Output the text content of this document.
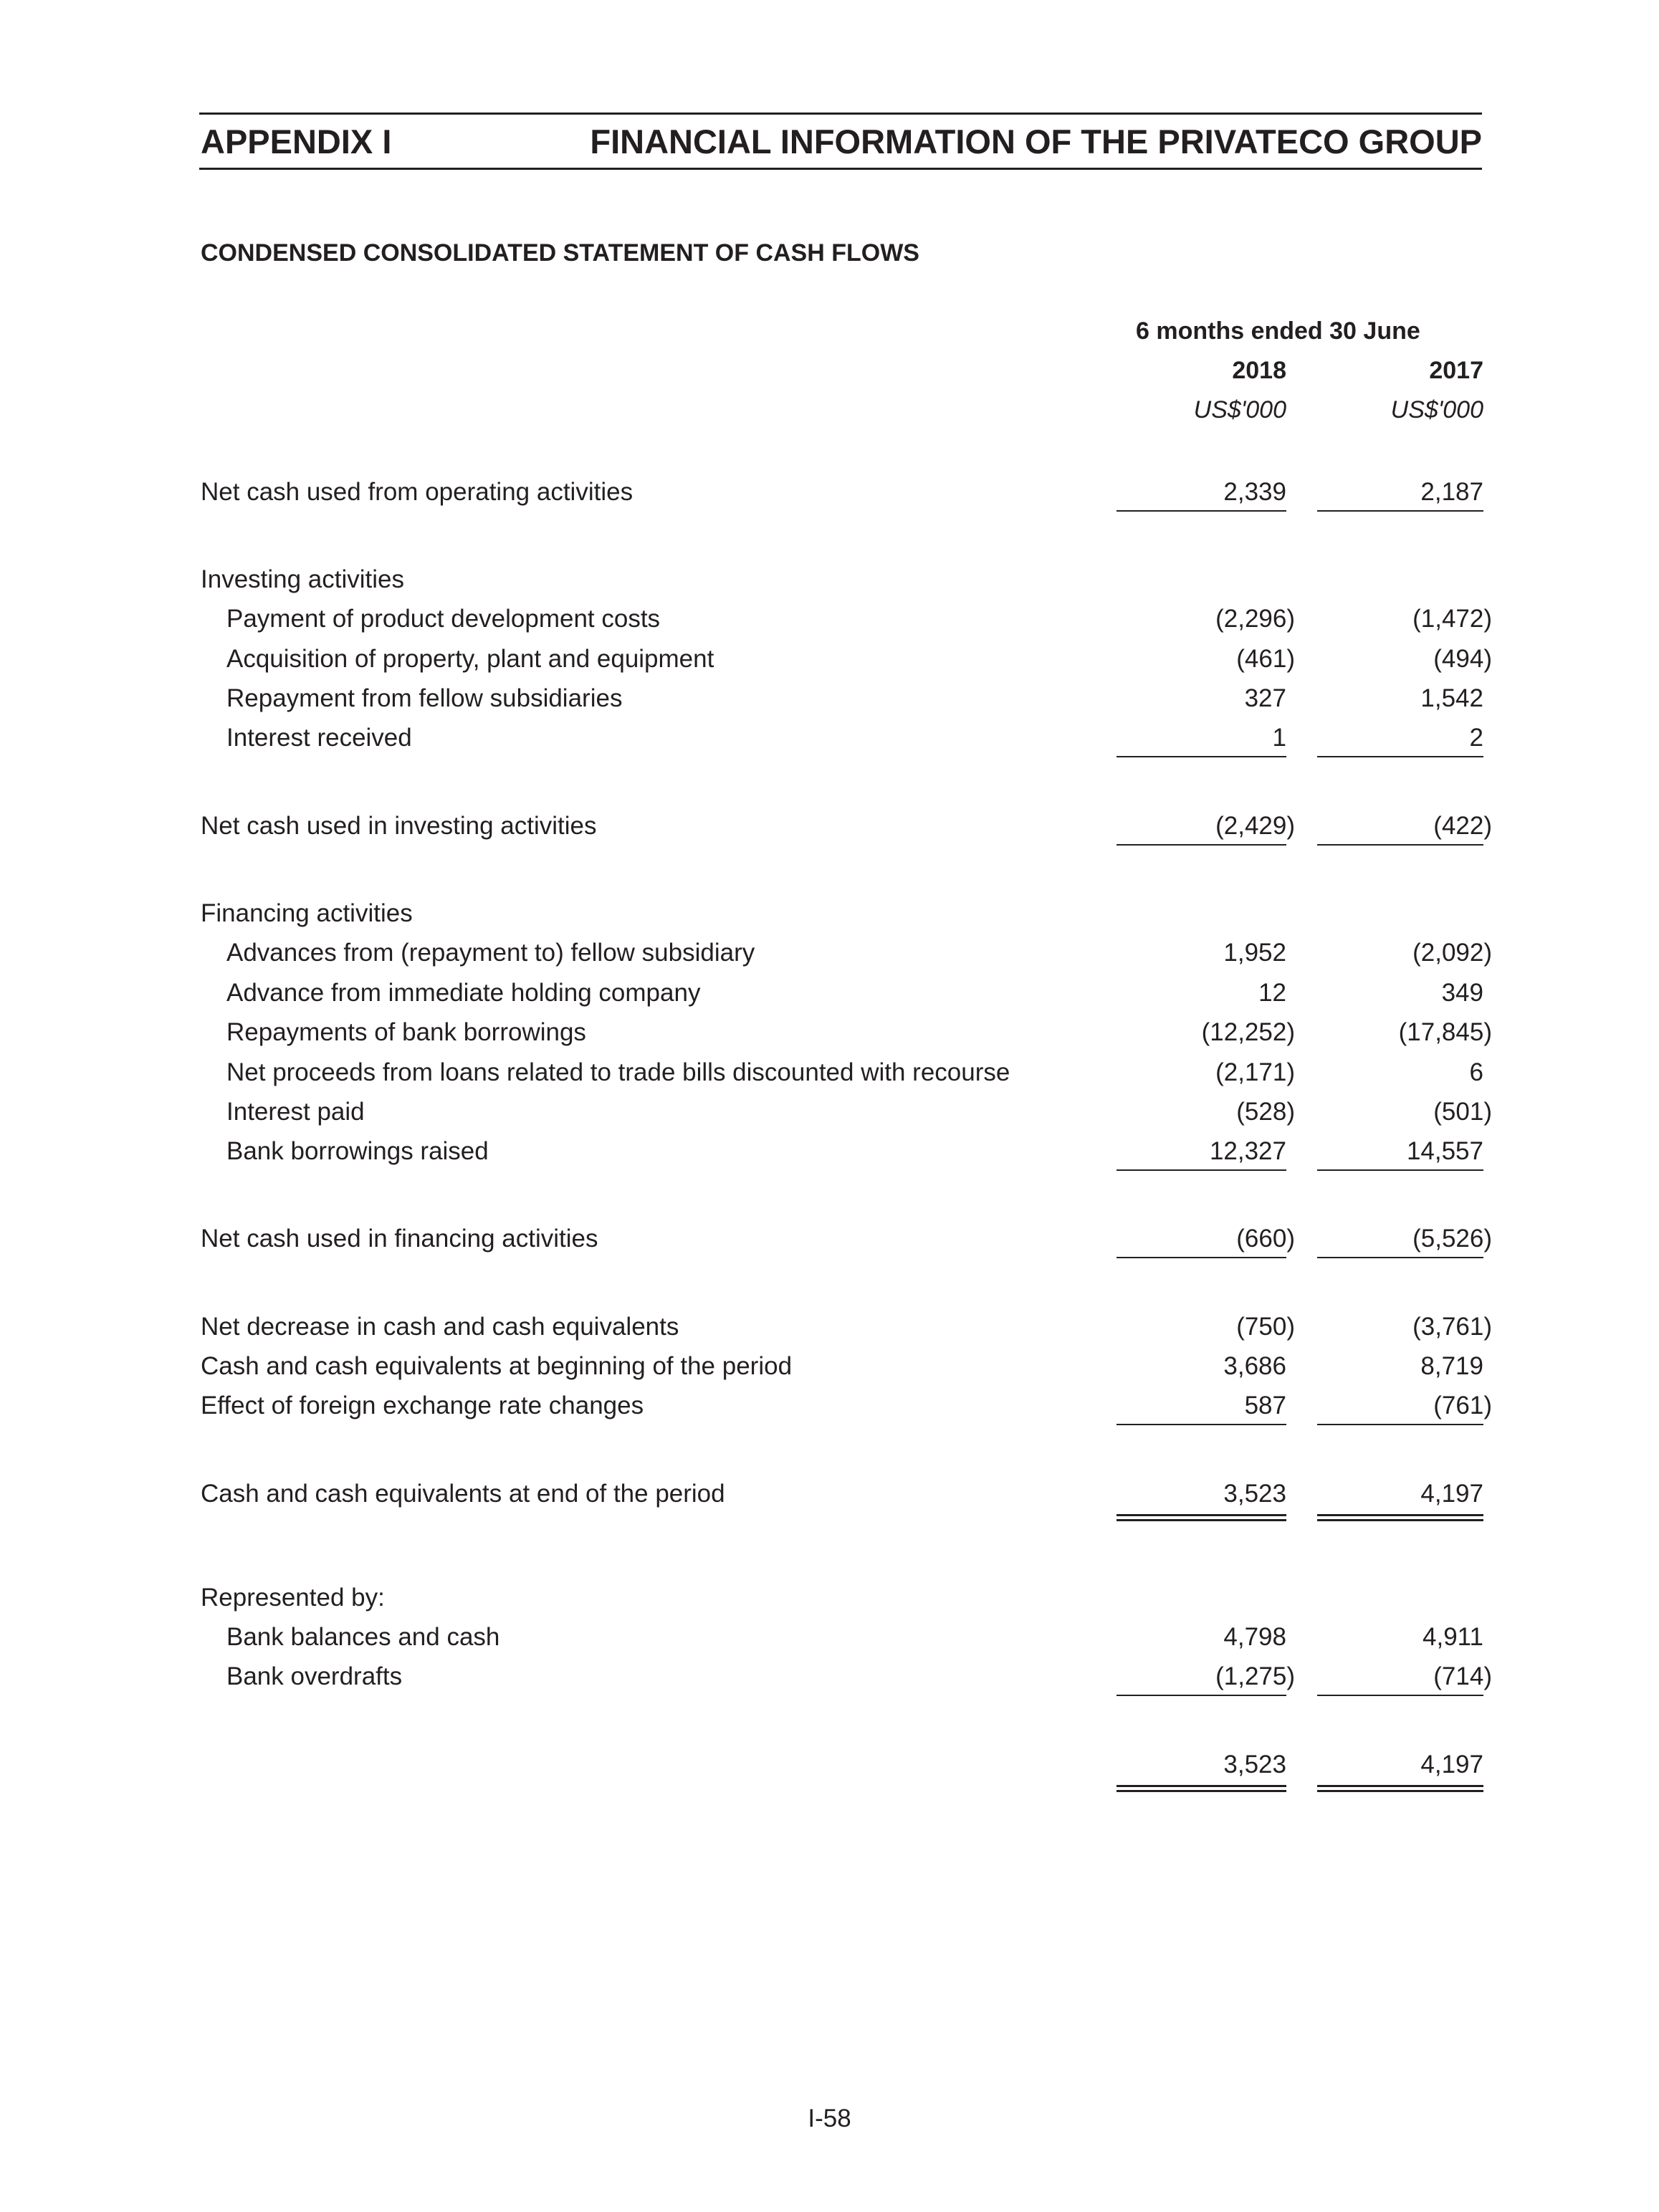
APPENDIX I	FINANCIAL INFORMATION OF THE PRIVATECO GROUP
CONDENSED CONSOLIDATED STATEMENT OF CASH FLOWS
6 months ended 30 June
2018	2017
US$'000	US$'000
Net cash used from operating activities	2,339	2,187
Investing activities
Payment of product development costs	(2,296)	(1,472)
Acquisition of property, plant and equipment	(461)	(494)
Repayment from fellow subsidiaries	327	1,542
Interest received	1	2
Net cash used in investing activities	(2,429)	(422)
Financing activities
Advances from (repayment to) fellow subsidiary	1,952	(2,092)
Advance from immediate holding company	12	349
Repayments of bank borrowings	(12,252)	(17,845)
Net proceeds from loans related to trade bills discounted with recourse	(2,171)	6
Interest paid	(528)	(501)
Bank borrowings raised	12,327	14,557
Net cash used in financing activities	(660)	(5,526)
Net decrease in cash and cash equivalents	(750)	(3,761)
Cash and cash equivalents at beginning of the period	3,686	8,719
Effect of foreign exchange rate changes	587	(761)
Cash and cash equivalents at end of the period	3,523	4,197
Represented by:
Bank balances and cash	4,798	4,911
Bank overdrafts	(1,275)	(714)
3,523	4,197
I-58
